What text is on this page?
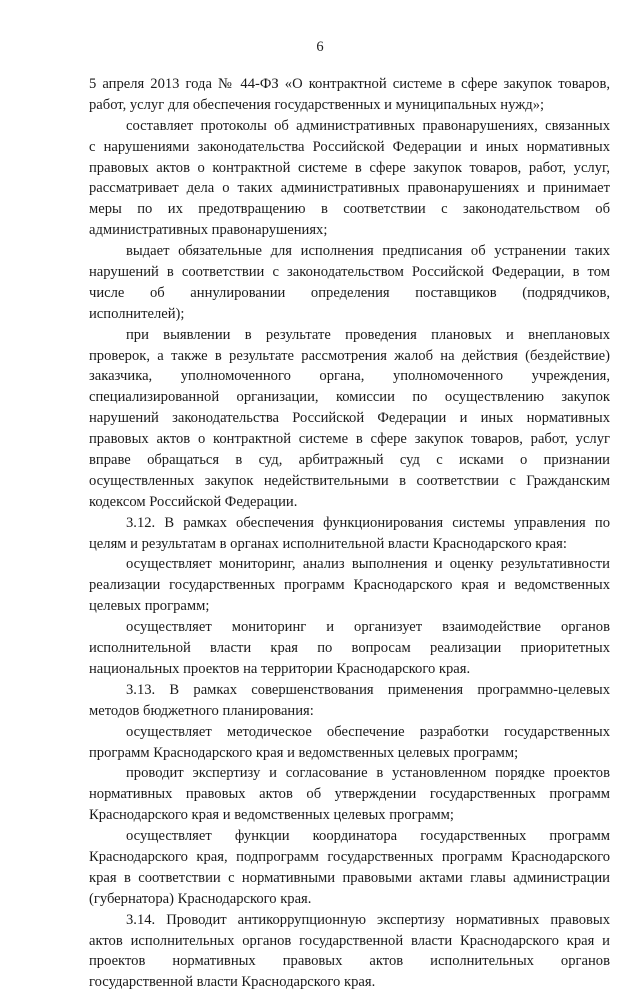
6
5 апреля 2013 года № 44-ФЗ «О контрактной системе в сфере закупок товаров,
работ, услуг для обеспечения государственных и муниципальных нужд»;
составляет протоколы об административных правонарушениях, связанных
с нарушениями законодательства Российской Федерации и иных нормативных
правовых актов о контрактной системе в сфере закупок товаров, работ, услуг,
рассматривает дела о таких административных правонарушениях и принимает
меры по их предотвращению в соответствии с законодательством об
административных правонарушениях;
выдает обязательные для исполнения предписания об устранении таких
нарушений в соответствии с законодательством Российской Федерации, в том
числе об аннулировании определения поставщиков (подрядчиков,
исполнителей);
при выявлении в результате проведения плановых и внеплановых
проверок, а также в результате рассмотрения жалоб на действия (бездействие)
заказчика, уполномоченного органа, уполномоченного учреждения,
специализированной организации, комиссии по осуществлению закупок
нарушений законодательства Российской Федерации и иных нормативных
правовых актов о контрактной системе в сфере закупок товаров, работ, услуг
вправе обращаться в суд, арбитражный суд с исками о признании
осуществленных закупок недействительными в соответствии с Гражданским
кодексом Российской Федерации.
3.12. В рамках обеспечения функционирования системы управления по
целям и результатам в органах исполнительной власти Краснодарского края:
осуществляет мониторинг, анализ выполнения и оценку результативности
реализации государственных программ Краснодарского края и ведомственных
целевых программ;
осуществляет мониторинг и организует взаимодействие органов
исполнительной власти края по вопросам реализации приоритетных
национальных проектов на территории Краснодарского края.
3.13. В рамках совершенствования применения программно-целевых
методов бюджетного планирования:
осуществляет методическое обеспечение разработки государственных
программ Краснодарского края и ведомственных целевых программ;
проводит экспертизу и согласование в установленном порядке проектов
нормативных правовых актов об утверждении государственных программ
Краснодарского края и ведомственных целевых программ;
осуществляет функции координатора государственных программ
Краснодарского края, подпрограмм государственных программ Краснодарского
края в соответствии с нормативными правовыми актами главы администрации
(губернатора) Краснодарского края.
3.14. Проводит антикоррупционную экспертизу нормативных правовых
актов исполнительных органов государственной власти Краснодарского края и
проектов нормативных правовых актов исполнительных органов
государственной власти Краснодарского края.
